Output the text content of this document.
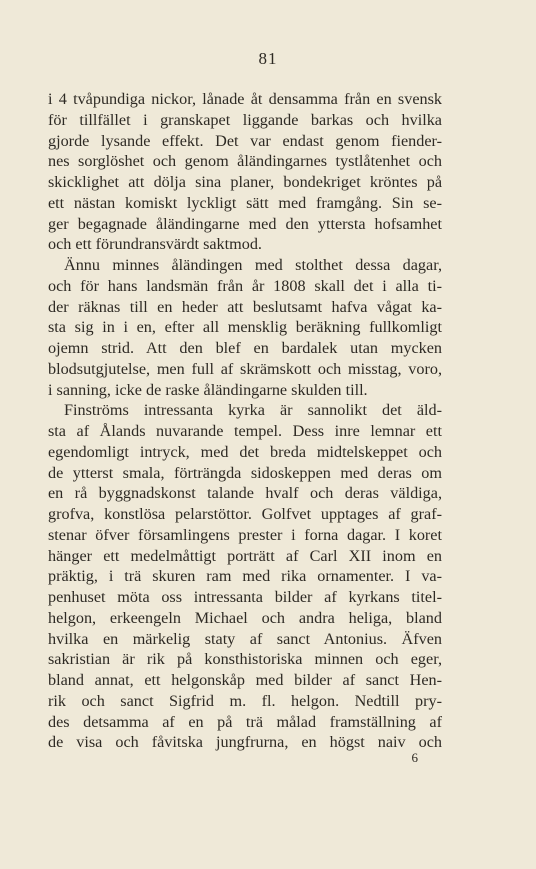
81
i 4 tvåpundiga nickor, lånade åt densamma från en svensk
för tillfället i granskapet liggande barkas och hvilka
gjorde lysande effekt. Det var endast genom fiender-
nes sorglöshet och genom åländingarnes tystlåtenhet och
skicklighet att dölja sina planer, bondekriget kröntes på
ett nästan komiskt lyckligt sätt med framgång. Sin se-
ger begagnade åländingarne med den yttersta hofsamhet
och ett förundransvärdt saktmod.
Ännu minnes åländingen med stolthet dessa dagar,
och för hans landsmän från år 1808 skall det i alla ti-
der räknas till en heder att beslutsamt hafva vågat ka-
sta sig in i en, efter all mensklig beräkning fullkomligt
ojemn strid. Att den blef en bardalek utan mycken
blodsutgjutelse, men full af skrämskott och misstag, voro,
i sanning, icke de raske åländingarne skulden till.
Finströms intressanta kyrka är sannolikt det äld-
sta af Ålands nuvarande tempel. Dess inre lemnar ett
egendomligt intryck, med det breda midtelskeppet och
de ytterst smala, förträngda sidoskeppen med deras om
en rå byggnadskonst talande hvalf och deras väldiga,
grofva, konstlösa pelarstöttor. Golfvet upptages af graf-
stenar öfver församlingens prester i forna dagar. I koret
hänger ett medelmåttigt porträtt af Carl XII inom en
präktig, i trä skuren ram med rika ornamenter. I va-
penhuset möta oss intressanta bilder af kyrkans titel-
helgon, erkeengeln Michael och andra heliga, bland
hvilka en märkelig staty af sanct Antonius. Äfven
sakristian är rik på konsthistoriska minnen och eger,
bland annat, ett helgonskåp med bilder af sanct Hen-
rik och sanct Sigfrid m. fl. helgon. Nedtill pry-
des detsamma af en på trä målad framställning af
de visa och fåvitska jungfrurna, en högst naiv och
6
